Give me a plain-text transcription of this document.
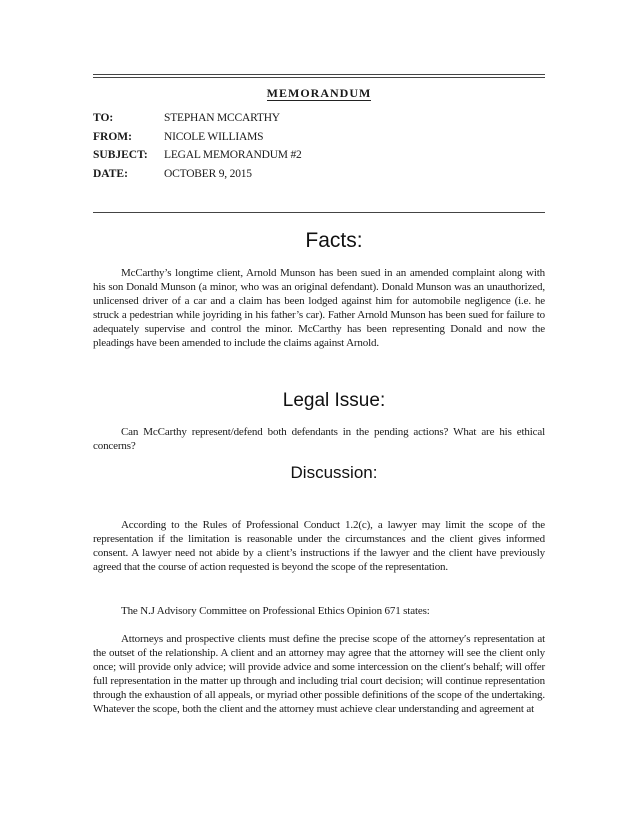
MEMORANDUM
TO:	STEPHAN MCCARTHY
FROM:	NICOLE WILLIAMS
SUBJECT:	LEGAL MEMORANDUM #2
DATE:	OCTOBER 9, 2015
Facts:
McCarthy’s longtime client, Arnold Munson has been sued in an amended complaint along with his son Donald Munson (a minor, who was an original defendant). Donald Munson was an unauthorized, unlicensed driver of a car and a claim has been lodged against him for automobile negligence (i.e. he struck a pedestrian while joyriding in his father’s car). Father Arnold Munson has been sued for failure to adequately supervise and control the minor. McCarthy has been representing Donald and now the pleadings have been amended to include the claims against Arnold.
Legal Issue:
Can McCarthy represent/defend both defendants in the pending actions? What are his ethical concerns?
Discussion:
According to the Rules of Professional Conduct 1.2(c), a lawyer may limit the scope of the representation if the limitation is reasonable under the circumstances and the client gives informed consent. A lawyer need not abide by a client’s instructions if the lawyer and the client have previously agreed that the course of action requested is beyond the scope of the representation.
The N.J Advisory Committee on Professional Ethics Opinion 671 states:
Attorneys and prospective clients must define the precise scope of the attorney′s representation at the outset of the relationship. A client and an attorney may agree that the attorney will see the client only once; will provide only advice; will provide advice and some intercession on the client′s behalf; will offer full representation in the matter up through and including trial court decision; will continue representation through the exhaustion of all appeals, or myriad other possible definitions of the scope of the undertaking. Whatever the scope, both the client and the attorney must achieve clear understanding and agreement at
